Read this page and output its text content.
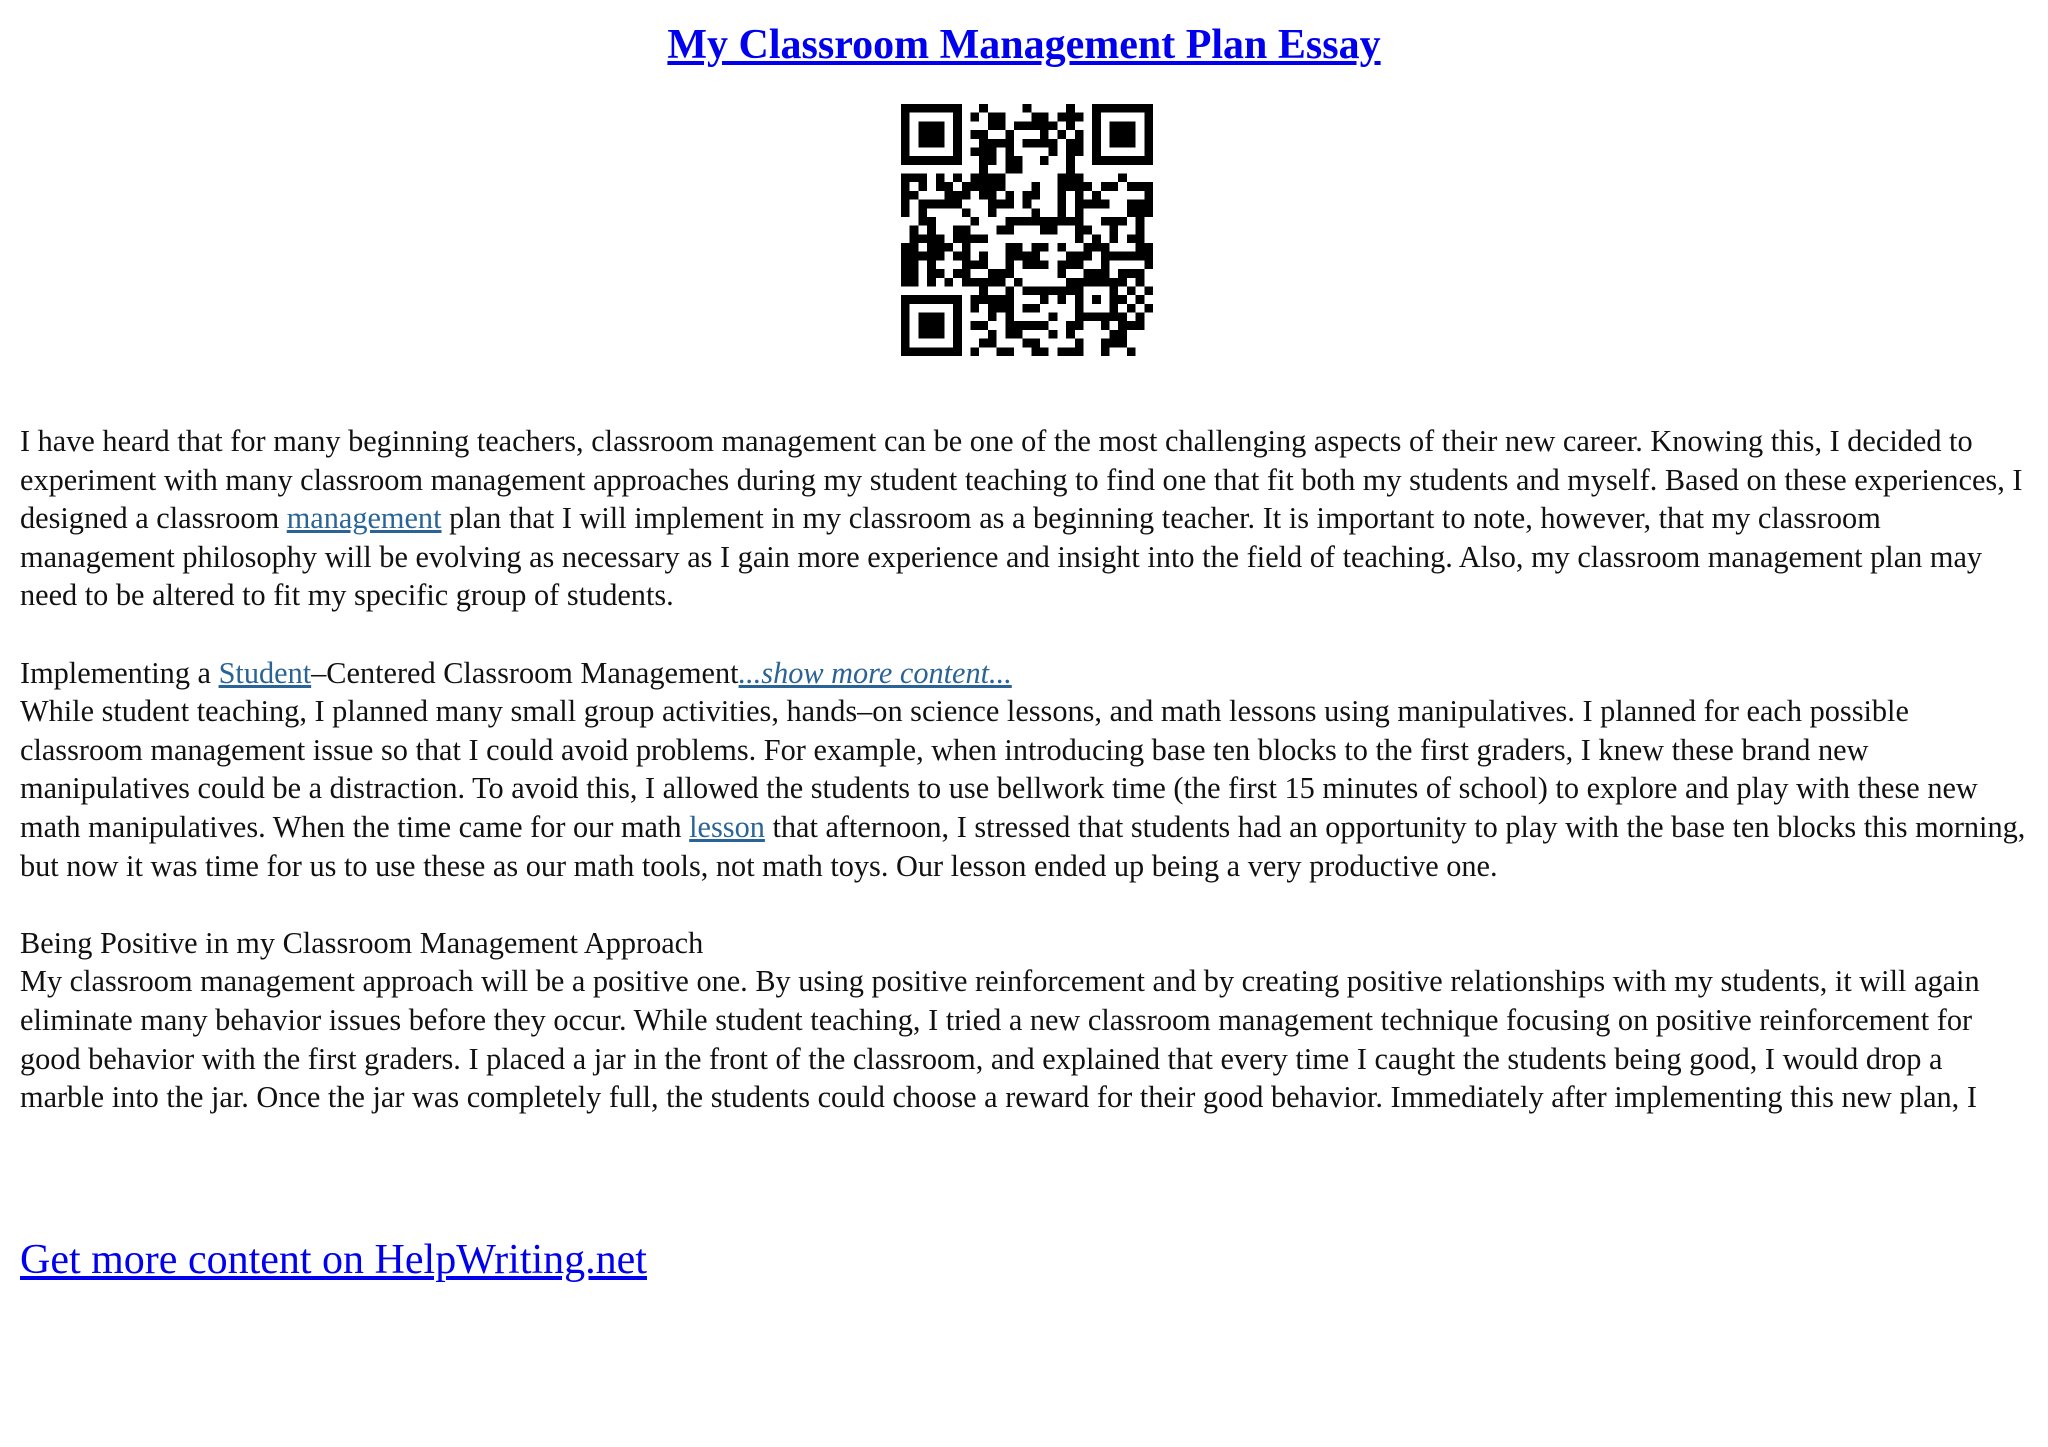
My Classroom Management Plan Essay

I have heard that for many beginning teachers, classroom management can be one of the most challenging aspects of their new career. Knowing this, I decided to experiment with many classroom management approaches during my student teaching to find one that fit both my students and myself. Based on these experiences, I designed a classroom management plan that I will implement in my classroom as a beginning teacher. It is important to note, however, that my classroom management philosophy will be evolving as necessary as I gain more experience and insight into the field of teaching. Also, my classroom management plan may need to be altered to fit my specific group of students.

Implementing a Student–Centered Classroom Management...show more content...

While student teaching, I planned many small group activities, hands–on science lessons, and math lessons using manipulatives. I planned for each possible classroom management issue so that I could avoid problems. For example, when introducing base ten blocks to the first graders, I knew these brand new manipulatives could be a distraction. To avoid this, I allowed the students to use bellwork time (the first 15 minutes of school) to explore and play with these new math manipulatives. When the time came for our math lesson that afternoon, I stressed that students had an opportunity to play with the base ten blocks this morning, but now it was time for us to use these as our math tools, not math toys. Our lesson ended up being a very productive one.

Being Positive in my Classroom Management Approach

My classroom management approach will be a positive one. By using positive reinforcement and by creating positive relationships with my students, it will again eliminate many behavior issues before they occur. While student teaching, I tried a new classroom management technique focusing on positive reinforcement for good behavior with the first graders. I placed a jar in the front of the classroom, and explained that every time I caught the students being good, I would drop a marble into the jar. Once the jar was completely full, the students could choose a reward for their good behavior. Immediately after implementing this new plan, I

Get more content on HelpWriting.net
